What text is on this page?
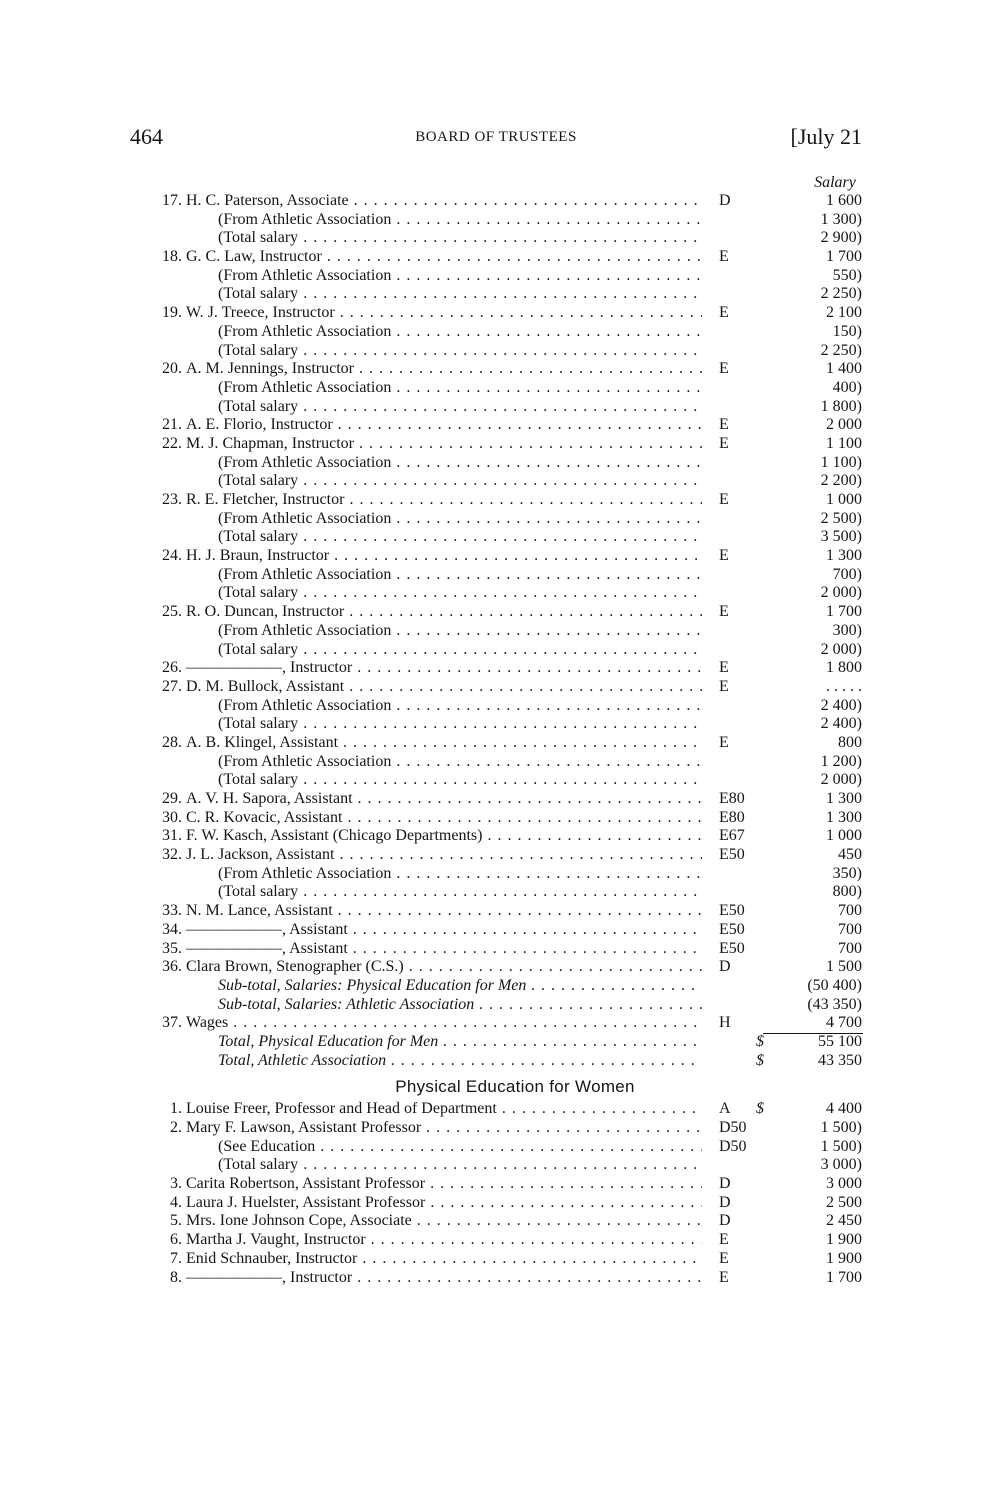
464	BOARD OF TRUSTEES	[July 21
Salary
17. H. C. Paterson, Associate . . .	D	1 600
(From Athletic Association . . .	1 300)
(Total salary . . .	2 900)
18. G. C. Law, Instructor . . .	E	1 700
(From Athletic Association . . .	550)
(Total salary . . .	2 250)
19. W. J. Treece, Instructor . . .	E	2 100
(From Athletic Association . . .	150)
(Total salary . . .	2 250)
20. A. M. Jennings, Instructor . . .	E	1 400
(From Athletic Association . . .	400)
(Total salary . . .	1 800)
21. A. E. Florio, Instructor . . .	E	2 000
22. M. J. Chapman, Instructor . . .	E	1 100
(From Athletic Association . . .	1 100)
(Total salary . . .	2 200)
23. R. E. Fletcher, Instructor . . .	E	1 000
(From Athletic Association . . .	2 500)
(Total salary . . .	3 500)
24. H. J. Braun, Instructor . . .	E	1 300
(From Athletic Association . . .	700)
(Total salary . . .	2 000)
25. R. O. Duncan, Instructor . . .	E	1 700
(From Athletic Association . . .	300)
(Total salary . . .	2 000)
26. ——————, Instructor . . .	E	1 800
27. D. M. Bullock, Assistant . . .	E	. . . . .
(From Athletic Association . . .	2 400)
(Total salary . . .	2 400)
28. A. B. Klingel, Assistant . . .	E	800
(From Athletic Association . . .	1 200)
(Total salary . . .	2 000)
29. A. V. H. Sapora, Assistant . . .	E80	1 300
30. C. R. Kovacic, Assistant . . .	E80	1 300
31. F. W. Kasch, Assistant (Chicago Departments) . . .	E67	1 000
32. J. L. Jackson, Assistant . . .	E50	450
(From Athletic Association . . .	350)
(Total salary . . .	800)
33. N. M. Lance, Assistant . . .	E50	700
34. ——————, Assistant . . .	E50	700
35. ——————, Assistant . . .	E50	700
36. Clara Brown, Stenographer (C.S.) . . .	D	1 500
Sub-total, Salaries: Physical Education for Men . . .	(50 400)
Sub-total, Salaries: Athletic Association . . .	(43 350)
37. Wages . . .	H	4 700
Total, Physical Education for Men . . .	$	55 100
Total, Athletic Association . . .	$	43 350
Physical Education for Women
1. Louise Freer, Professor and Head of Department . . .	A	$	4 400
2. Mary F. Lawson, Assistant Professor . . .	D50	1 500)
(See Education . . .	D50	1 500)
(Total salary . . .	3 000)
3. Carita Robertson, Assistant Professor . . .	D	3 000
4. Laura J. Huelster, Assistant Professor . . .	D	2 500
5. Mrs. Ione Johnson Cope, Associate . . .	D	2 450
6. Martha J. Vaught, Instructor . . .	E	1 900
7. Enid Schnauber, Instructor . . .	E	1 900
8. ——————, Instructor . . .	E	1 700
